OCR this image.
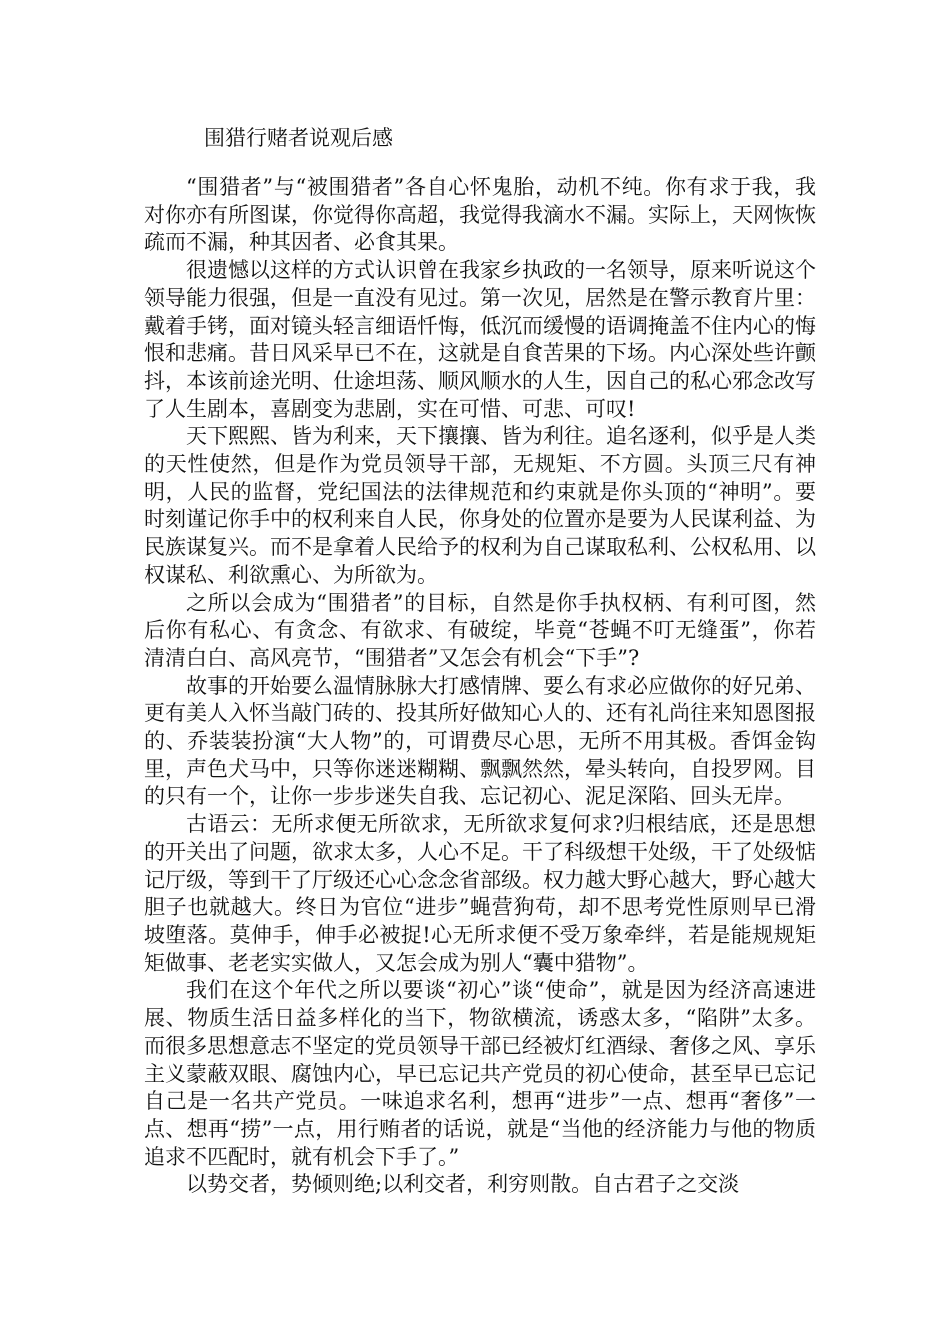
围猎行赌者说观后感

“围猎者”与“被围猎者”各自心怀鬼胎，动机不纯。你有求于我，我对你亦有所图谋，你觉得你高超，我觉得我滴水不漏。实际上，天网恢恢疏而不漏，种其因者、必食其果。

很遗憾以这样的方式认识曾在我家乡执政的一名领导，原来听说这个领导能力很强，但是一直没有见过。第一次见，居然是在警示教育片里：戴着手铐，面对镜头轻言细语忏悔，低沉而缓慢的语调掩盖不住内心的悔恨和悲痛。昔日风采早已不在，这就是自食苦果的下场。内心深处些许颤抖，本该前途光明、仕途坦荡、顺风顺水的人生，因自己的私心邪念改写了人生剧本，喜剧变为悲剧，实在可惜、可悲、可叹!

天下熙熙、皆为利来，天下攘攘、皆为利往。追名逐利，似乎是人类的天性使然，但是作为党员领导干部，无规矩、不方圆。头顶三尺有神明，人民的监督，党纪国法的法律规范和约束就是你头顶的“神明”。要时刻谨记你手中的权利来自人民，你身处的位置亦是要为人民谋利益、为民族谋复兴。而不是拿着人民给予的权利为自己谋取私利、公权私用、以权谋私、利欲熏心、为所欲为。

之所以会成为“围猎者”的目标，自然是你手执权柄、有利可图，然后你有私心、有贪念、有欲求、有破绽，毕竟“苍蝇不叮无缝蛋”，你若清清白白、高风亮节，“围猎者”又怎会有机会“下手”?

故事的开始要么温情脉脉大打感情牌、要么有求必应做你的好兄弟、更有美人入怀当敲门砖的、投其所好做知心人的、还有礼尚往来知恩图报的、乔装装扮演“大人物”的，可谓费尽心思，无所不用其极。香饵金钩里，声色犬马中，只等你迷迷糊糊、飘飘然然，晕头转向，自投罗网。目的只有一个，让你一步步迷失自我、忘记初心、泥足深陷、回头无岸。

古语云：无所求便无所欲求，无所欲求复何求?归根结底，还是思想的开关出了问题，欲求太多，人心不足。干了科级想干处级，干了处级惦记厅级，等到干了厅级还心心念念省部级。权力越大野心越大，野心越大胆子也就越大。终日为官位“进步”蝇营狗苟，却不思考党性原则早已滑坡堕落。莫伸手，伸手必被捉!心无所求便不受万象牵绊，若是能规规矩矩做事、老老实实做人，又怎会成为别人“囊中猎物”。

我们在这个年代之所以要谈“初心”谈“使命”，就是因为经济高速进展、物质生活日益多样化的当下，物欲横流，诱惑太多，“陷阱”太多。而很多思想意志不坚定的党员领导干部已经被灯红酒绿、奢侈之风、享乐主义蒙蔽双眼、腐蚀内心，早已忘记共产党员的初心使命，甚至早已忘记自己是一名共产党员。一味追求名利，想再“进步”一点、想再“奢侈”一点、想再“捞”一点，用行贿者的话说，就是“当他的经济能力与他的物质追求不匹配时，就有机会下手了。”

以势交者，势倾则绝;以利交者，利穷则散。自古君子之交淡
